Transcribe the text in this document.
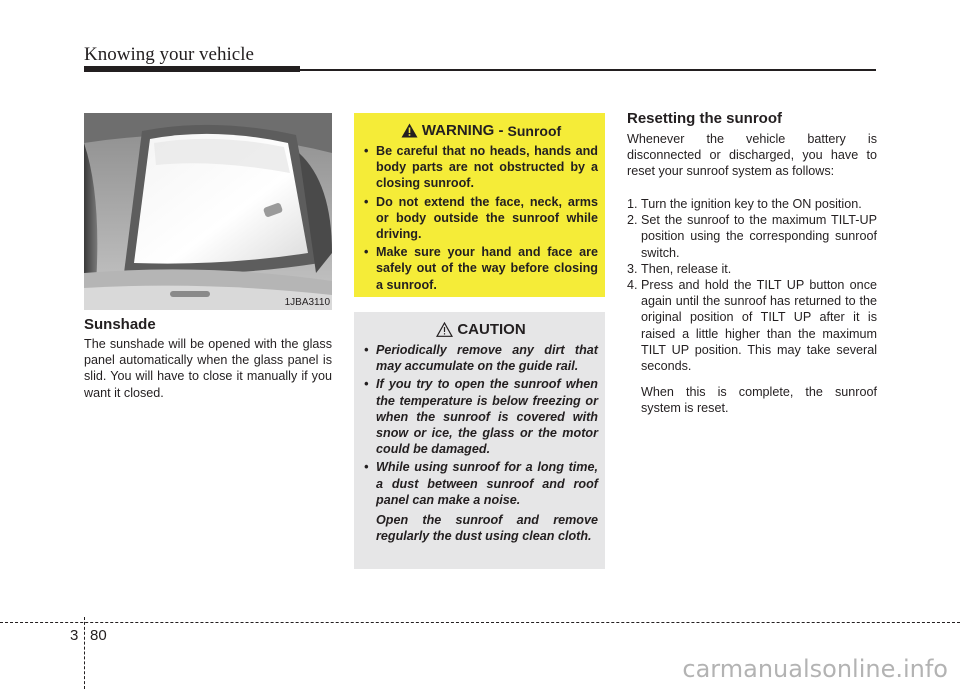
Knowing your vehicle
1JBA3110
Sunshade
The sunshade will be opened with the glass panel automatically when the glass panel is slid. You will have to close it manually if you want it closed.
WARNING - Sunroof
• Be careful that no heads, hands and body parts are not obstructed by a closing sunroof.
• Do not extend the face, neck, arms or body outside the sunroof while driving.
• Make sure your hand and face are safely out of the way before closing a sunroof.
CAUTION
• Periodically remove any dirt that may accumulate on the guide rail.
• If you try to open the sunroof when the temperature is below freezing or when the sunroof is covered with snow or ice, the glass or the motor could be damaged.
• While using sunroof for a long time, a dust between sunroof and roof panel can make a noise.
Open the sunroof and remove regularly the dust using clean cloth.
Resetting the sunroof
Whenever the vehicle battery is disconnected or discharged, you have to reset your sunroof system as follows:
1. Turn the ignition key to the ON position.
2. Set the sunroof to the maximum TILT-UP position using the corresponding sunroof switch.
3. Then, release it.
4. Press and hold the TILT UP button once again until the sunroof has returned to the original position of TILT UP after it is raised a little higher than the maximum TILT UP position. This may take several seconds.
When this is complete, the sunroof system is reset.
3 80
carmanualsonline.info
